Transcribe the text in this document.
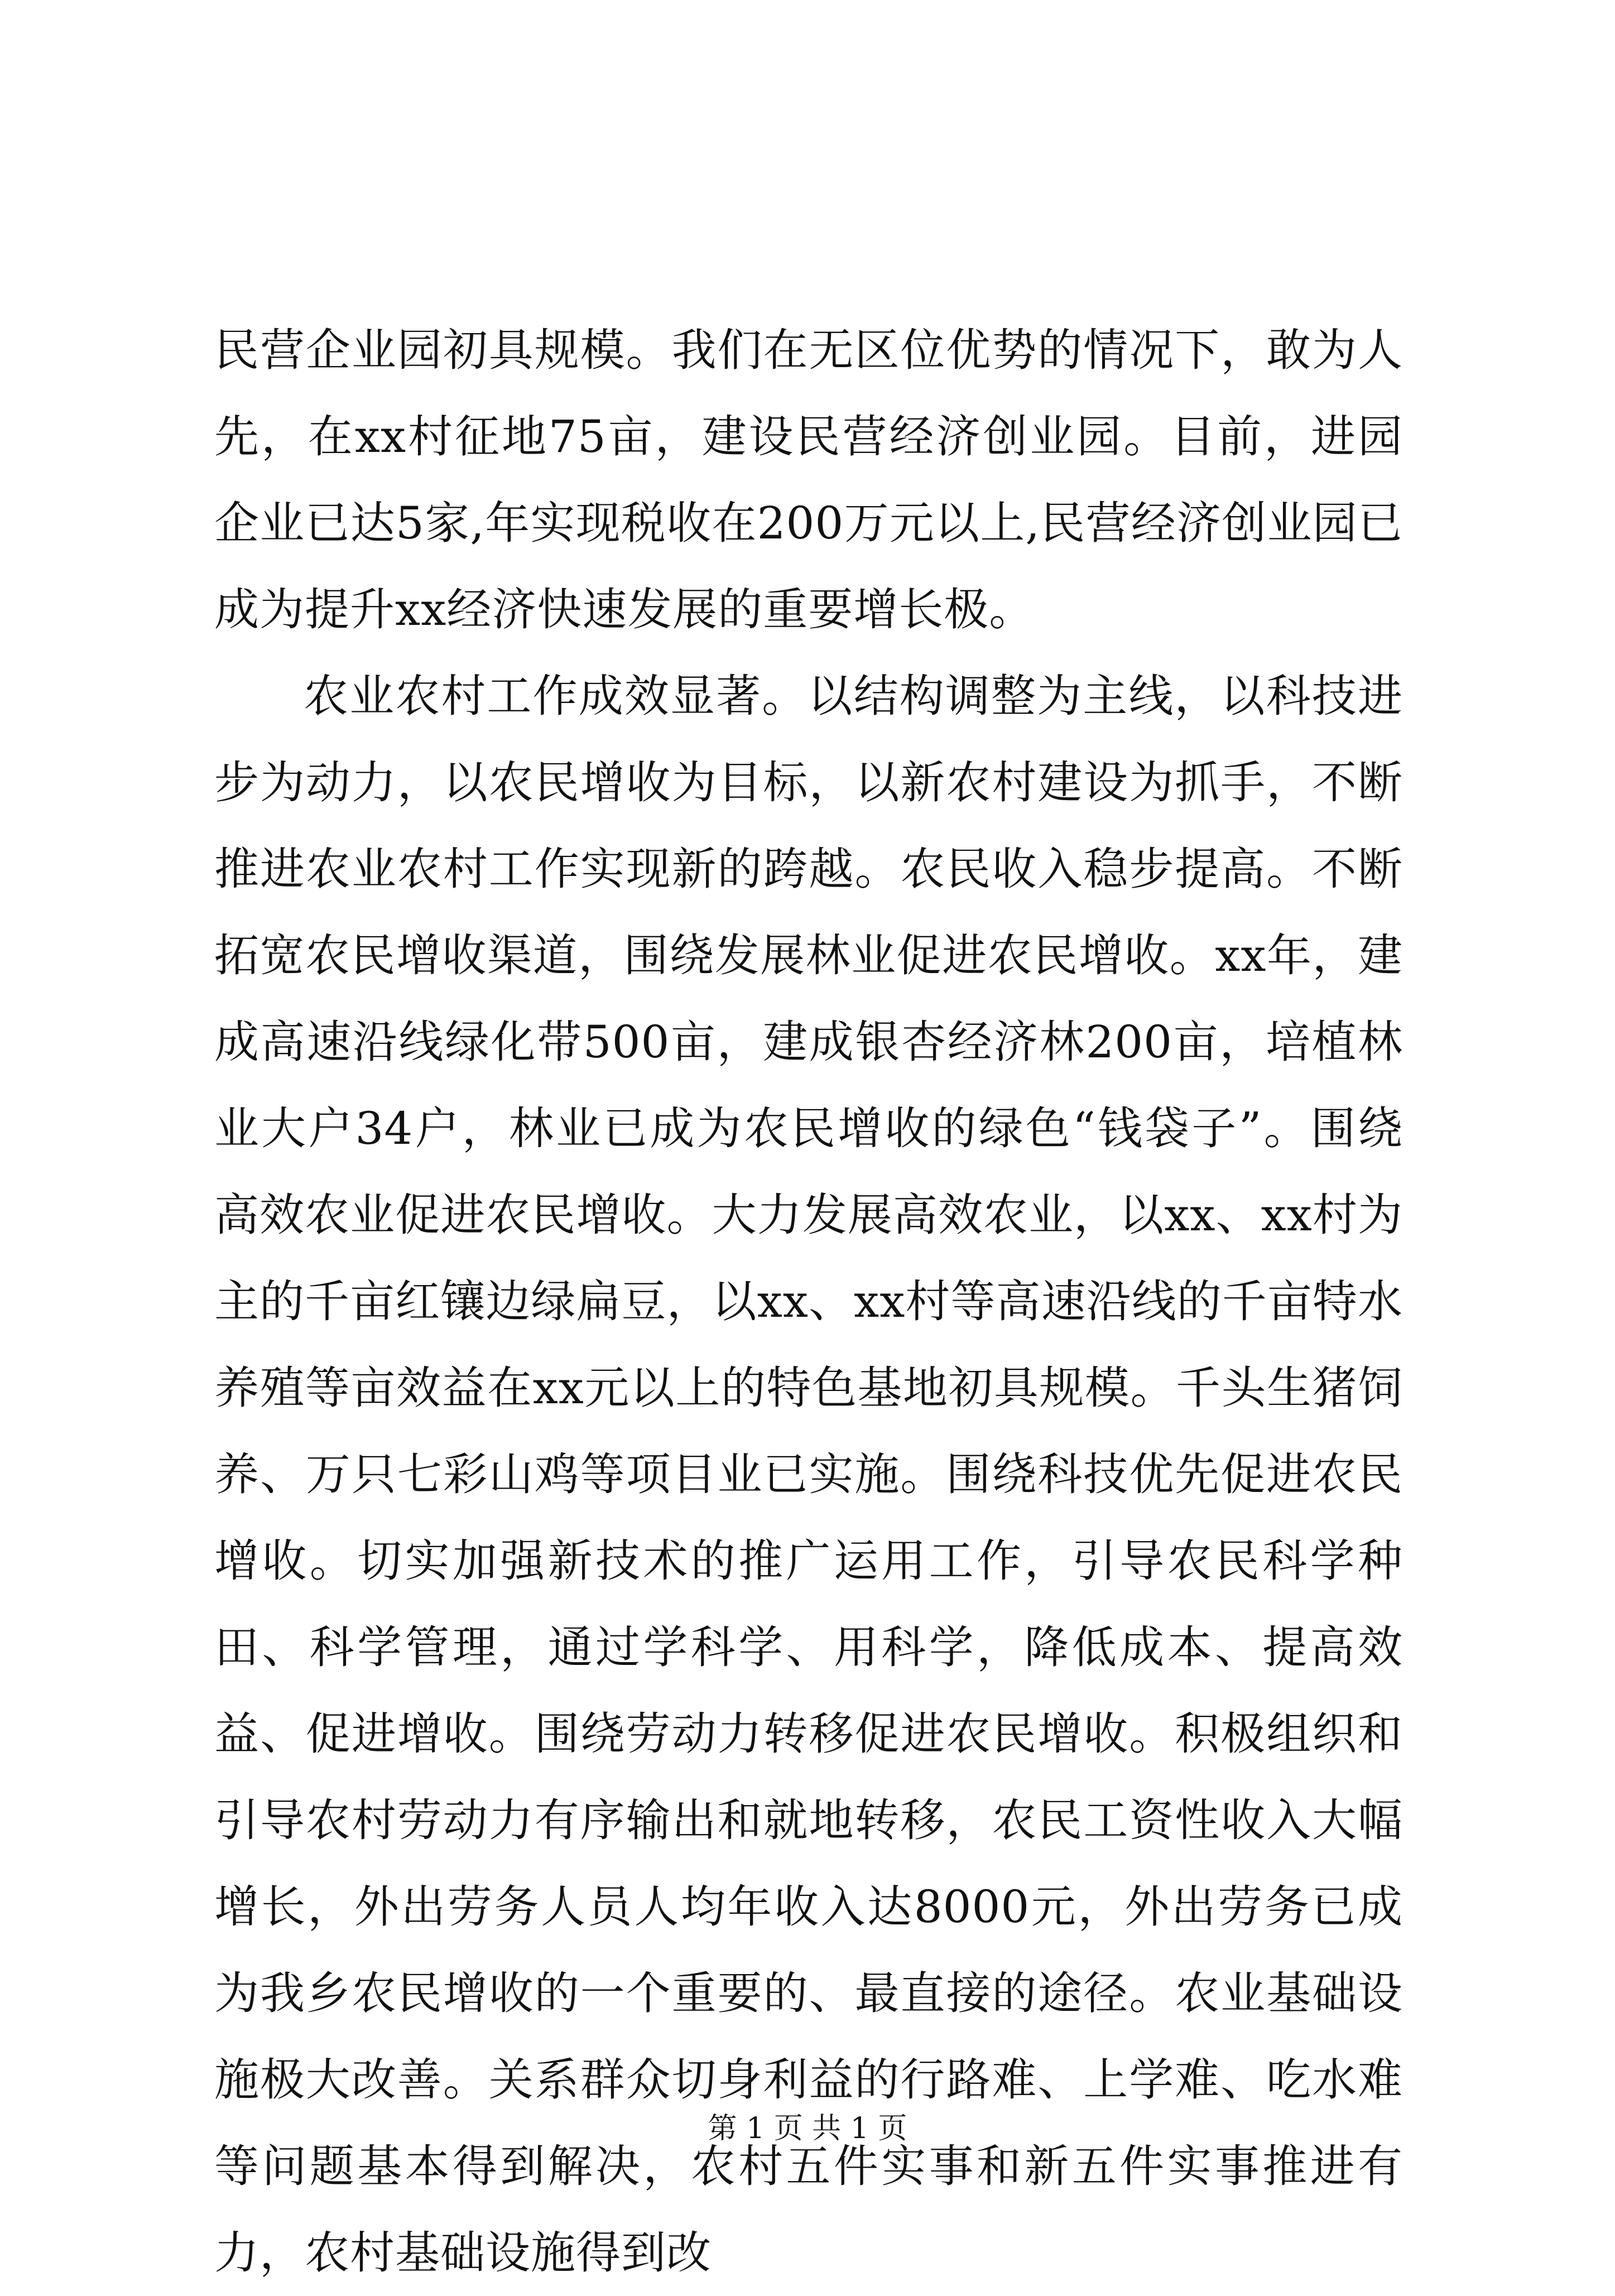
民营企业园初具规模。我们在无区位优势的情况下，敢为人先，在xx村征地75亩，建设民营经济创业园。目前，进园企业已达5家,年实现税收在200万元以上,民营经济创业园已成为提升xx经济快速发展的重要增长极。

农业农村工作成效显著。以结构调整为主线，以科技进步为动力，以农民增收为目标，以新农村建设为抓手，不断推进农业农村工作实现新的跨越。农民收入稳步提高。不断拓宽农民增收渠道，围绕发展林业促进农民增收。xx年，建成高速沿线绿化带500亩，建成银杏经济林200亩，培植林业大户34户，林业已成为农民增收的绿色“钱袋子”。围绕高效农业促进农民增收。大力发展高效农业，以xx、xx村为主的千亩红镶边绿扁豆，以xx、xx村等高速沿线的千亩特水养殖等亩效益在xx元以上的特色基地初具规模。千头生猪饲养、万只七彩山鸡等项目业已实施。围绕科技优先促进农民增收。切实加强新技术的推广运用工作，引导农民科学种田、科学管理，通过学科学、用科学，降低成本、提高效益、促进增收。围绕劳动力转移促进农民增收。积极组织和引导农村劳动力有序输出和就地转移，农民工资性收入大幅增长，外出劳务人员人均年收入达8000元，外出劳务已成为我乡农民增收的一个重要的、最直接的途径。农业基础设施极大改善。关系群众切身利益的行路难、上学难、吃水难等问题基本得到解决，农村五件实事和新五件实事推进有力，农村基础设施得到改

第 1 页 共 1 页
